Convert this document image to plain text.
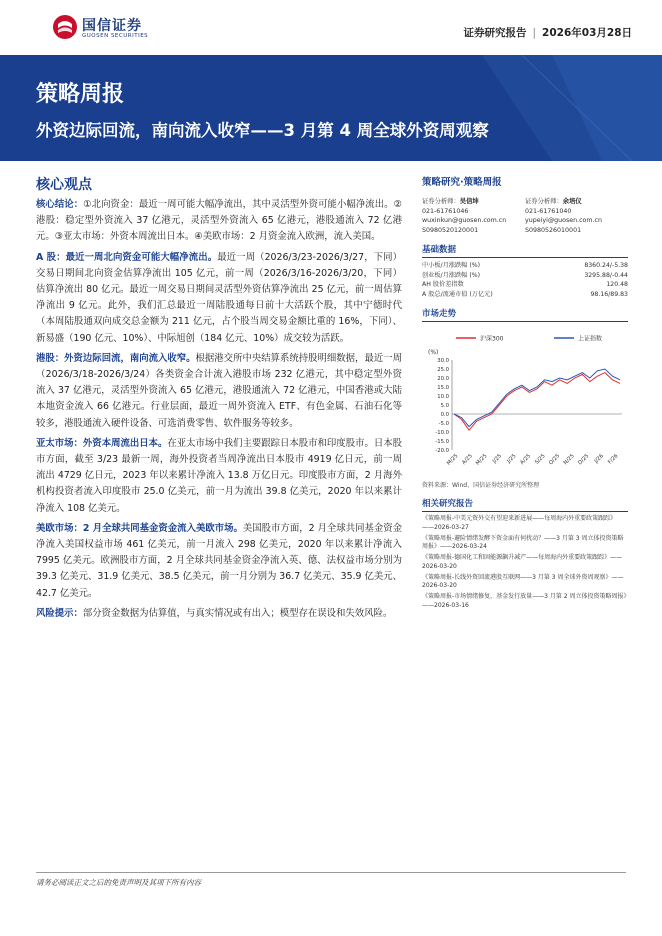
国信证券
GUOSEN SECURITIES	证券研究报告 | 2026年03月28日
策略周报
外资边际回流，南向流入收窄——3 月第 4 周全球外资周观察
核心观点

核心结论：①北向资金：最近一周可能大幅净流出，其中灵活型外资可能小幅净流出。②港股：稳定型外资流入 37 亿港元，灵活型外资流入 65 亿港元，港股通流入 72 亿港元。③亚太市场：外资本周流出日本。④美欧市场：2 月资金流入欧洲，流入美国。

A 股：最近一周北向资金可能大幅净流出。最近一周（2026/3/23-2026/3/27，下同）交易日期间北向资金估算净流出 105 亿元，前一周（2026/3/16-2026/3/20，下同）估算净流出 80 亿元。最近一周交易日期间灵活型外资估算净流出 25 亿元，前一周估算净流出 9 亿元。此外，我们汇总最近一周陆股通每日前十大活跃个股，其中宁德时代（本周陆股通双向成交总金额为 211 亿元，占个股当周交易金额比重的 16%，下同）、新易盛（190 亿元、10%）、中际旭创（184 亿元、10%）成交较为活跃。

港股：外资边际回流，南向流入收窄。根据港交所中央结算系统持股明细数据，最近一周（2026/3/18-2026/3/24）各类资金合计流入港股市场 232 亿港元，其中稳定型外资流入 37 亿港元，灵活型外资流入 65 亿港元，港股通流入 72 亿港元，中国香港或大陆本地资金流入 66 亿港元。行业层面，最近一周外资流入 ETF、有色金属、石油石化等较多，港股通流入硬件设备、可选消费零售、软件服务等较多。

亚太市场：外资本周流出日本。在亚太市场中我们主要跟踪日本股市和印度股市。日本股市方面，截至 3/23 最新一周，海外投资者当周净流出日本股市 4919 亿日元，前一周流出 4729 亿日元，2023 年以来累计净流入 13.8 万亿日元。印度股市方面，2 月海外机构投资者流入印度股市 25.0 亿美元，前一月为流出 39.8 亿美元，2020 年以来累计净流入 108 亿美元。

美欧市场：2 月全球共同基金资金流入美欧市场。美国股市方面，2 月全球共同基金资金净流入美国权益市场 461 亿美元，前一月流入 298 亿美元，2020 年以来累计净流入 7995 亿美元。欧洲股市方面，2 月全球共同基金资金净流入英、德、法权益市场分别为 39.3 亿美元、31.9 亿美元、38.5 亿美元，前一月分别为 36.7 亿美元、35.9 亿美元、42.7 亿美元。

风险提示：部分资金数据为估算值，与真实情况或有出入；模型存在误设和失效风险。

策略研究·策略周报
证券分析师：吴信坤
021-61761046
wuxinkun@guosen.com.cn
S0980520120001
证券分析师：余培仪
021-61761040
yupeiyi@guosen.com.cn
S0980526010001
基础数据
中小板/月涨跌幅 (%)	8360.24/-5.38
创业板/月涨跌幅 (%)	3295.88/-0.44
AH 股价差指数	120.48
A 股总/流通市值 (万亿元)	98.16/89.83
市场走势
沪深300	上证指数
(%)
30.0
25.0
20.0
15.0
10.0
5.0
0.0
-5.0
-10.0
-15.0
-20.0
M/25 A/25 M/25 J/25 J/25 A/25 S/25 O/25 N/25 D/25 J/26 F/26
资料来源：Wind、国信证券经济研究所整理
相关研究报告
《策略周报-中美元资外交有望迎来新进展——每周海内外重要政策跟踪》——2026-03-27
《策略周报-避险情绪发酵下资金面有何扰动？——3 月第 3 周立体投资策略周报》——2026-03-24
《策略周报-德国化工和固能源飙升减产——每周海内外重要政策跟踪》——2026-03-20
《策略周报-长线外资回流港股互联网——3 月第 3 周全球外资周观察》——2026-03-20
《策略周报-市场情绪修复，基金发行放量——3 月第 2 周立体投资策略周报》——2026-03-16
请务必阅读正文之后的免责声明及其项下所有内容
